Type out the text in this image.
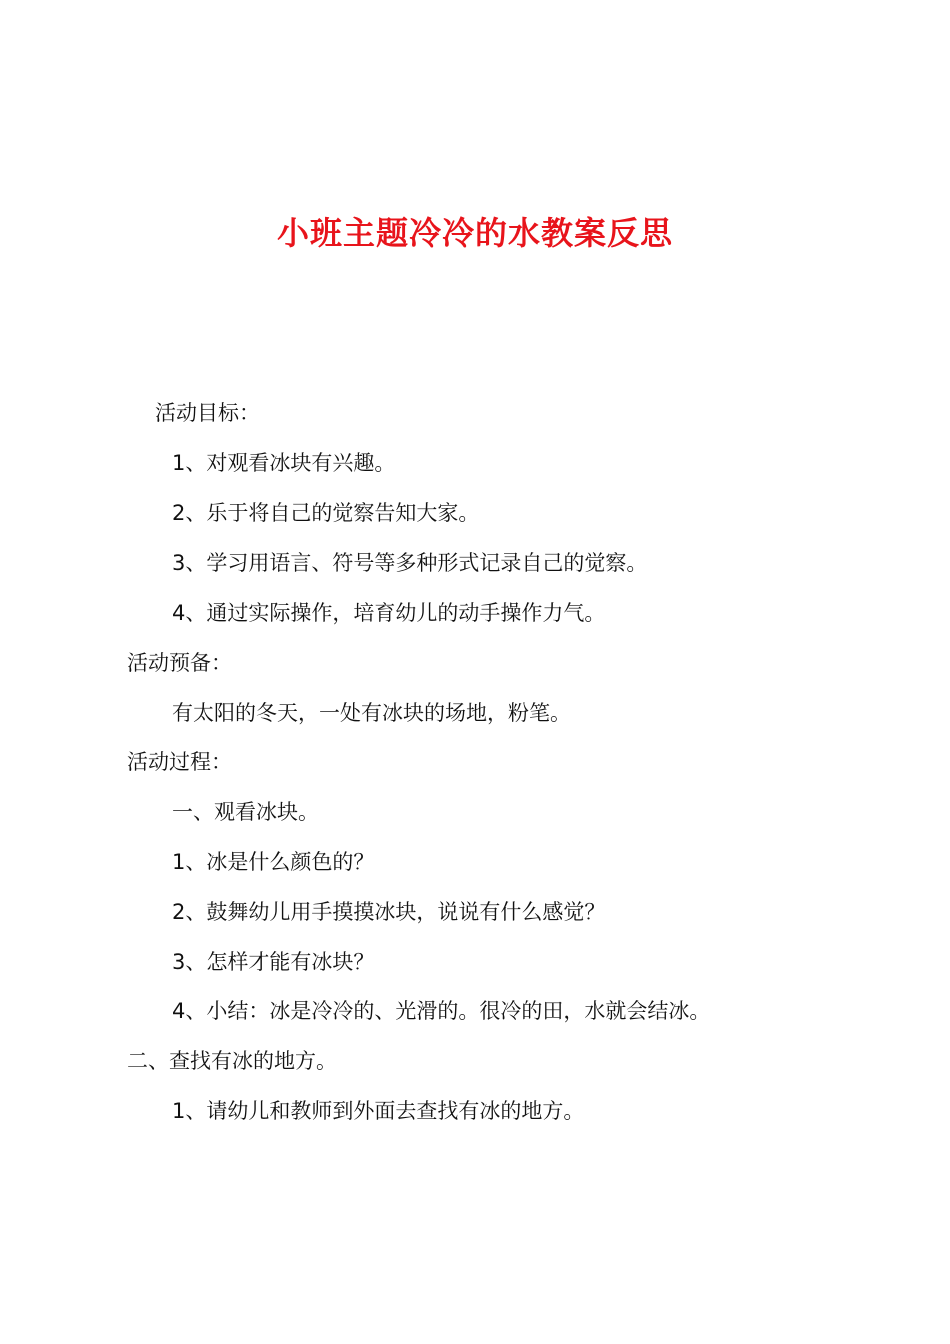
小班主题冷冷的水教案反思

活动目标：

1、对观看冰块有兴趣。

2、乐于将自己的觉察告知大家。

3、学习用语言、符号等多种形式记录自己的觉察。

4、通过实际操作，培育幼儿的动手操作力气。

活动预备：

有太阳的冬天，一处有冰块的场地，粉笔。

活动过程：

一、观看冰块。

1、冰是什么颜色的？

2、鼓舞幼儿用手摸摸冰块，说说有什么感觉？

3、怎样才能有冰块？

4、小结：冰是冷冷的、光滑的。很冷的田，水就会结冰。

二、查找有冰的地方。

1、请幼儿和教师到外面去查找有冰的地方。
